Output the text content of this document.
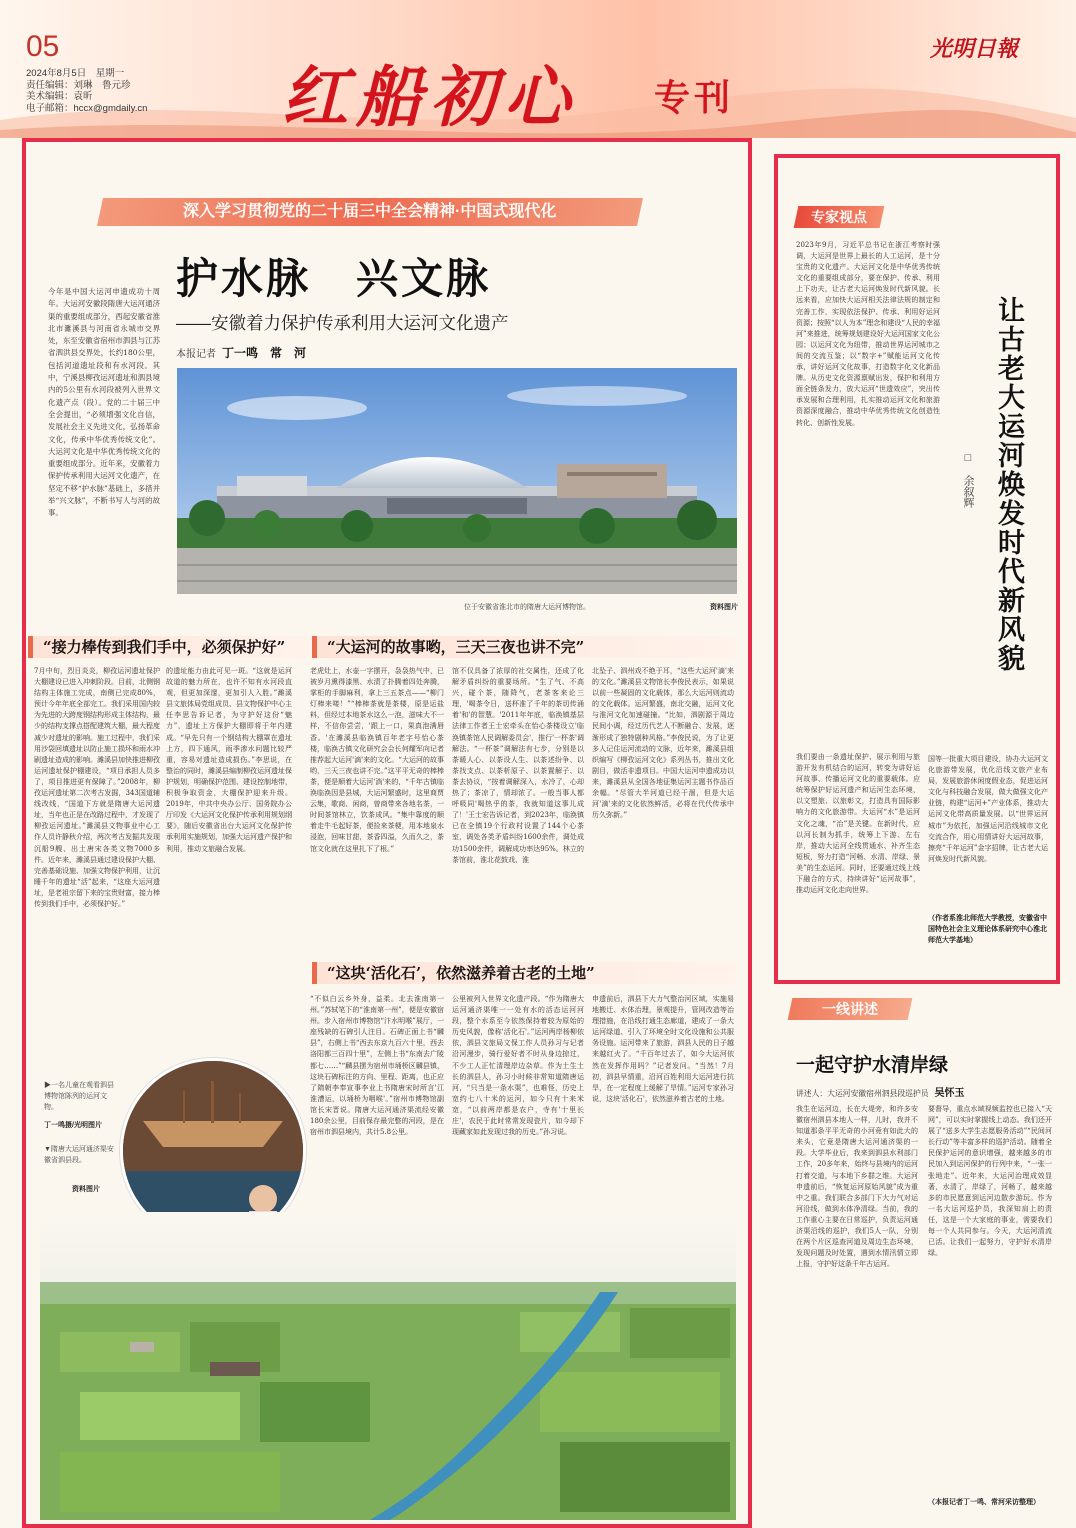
05
2024年8月5日　星期一
责任编辑：刘琳　鲁元珍
美术编辑：袁昕
电子邮箱：hccx@gmdaily.cn 红船初心 专刊
光明日報
深入学习贯彻党的二十届三中全会精神·中国式现代化
今年是中国大运河申遗成功十周年。大运河安徽段隋唐大运河通济渠的重要组成部分，西起安徽省淮北市濉溪县与河南省永城市交界处，东至安徽省宿州市泗县与江苏省泗洪县交界处，长约180公里，包括河道遗址段和有水河段。其中，宁溪县柳孜运河遗址和泗县境内的5公里有水河段被列入世界文化遗产点（段）。党的二十届三中全会提出，“必须增强文化自信，发展社会主义先进文化，弘扬革命文化，传承中华优秀传统文化”。大运河文化是中华优秀传统文化的重要组成部分。近年来，安徽着力保护传承利用大运河文化遗产，在坚定不移“护水脉”基础上，多措并举“兴文脉”，不断书写人与河的故事。
护水脉　兴文脉
——安徽着力保护传承利用大运河文化遗产
本报记者 丁一鸣　常　河
位于安徽省淮北市的隋唐大运河博物馆。	资料图片
“接力棒传到我们手中，必须保护好”
7月中旬，烈日炎炎，柳孜运河遗址保护大棚建设已进入冲刺阶段。目前，北侧钢结构主体施工完成，南侧已完成80%，预计今年年底全部完工。我们采用国内较为先进的大跨度钢结构形成主体结构，最少的结构支撑点搭配建筑大棚，最大程度减少对遗址的影响。施工过程中，我们采用沙袋回填遗址以防止施工损坏和雨水冲刷遗址造成的影响。濉溪县加快推进柳孜运河遗址保护棚建设，“项目承担人员多了，项目推进更有保障了。”2008年，柳孜运河遗址第二次考古发掘，343国道辅线改线，“国道下方就是隋唐大运河遗址，当年也正是在改路过程中，才发现了柳孜运河遗址。”濉溪县文物事业中心工作人员许静秋介绍，两次考古发掘共发现沉船9艘、出土唐宋各类文物7000多件。近年来，濉溪县通过建设保护大棚、完善基础设施、加强文物保护利用，让沉睡千年的遗址“活”起来，“这座大运河遗址，是老祖宗留下来的宝贵财富，接力棒传到我们手中，必须保护好。”
的遗址能力由此可见一斑。“这就是运河故道的魅力所在，也许不知有水河段直观，但更加深邃，更加引人入胜。”濉溪县文旅体局党组成员、县文物保护中心主任李思告诉记者，为守护好这份“魅力”，遗址上方保护大棚即将于年内建成。“早先只有一个钢结构大棚罩在遗址上方，四下通风，雨季渗水问题比较严重，容易对遗址造成损伤。”李思说，在整治的同时，濉溪县编制柳孜运河遗址保护规划，明确保护范围、建设控制地带，积极争取资金，大棚保护迎来升级。2019年，中共中央办公厅、国务院办公厅印发《大运河文化保护传承利用规划纲要》，随后安徽省出台大运河文化保护传承利用实施规划，加强大运河遗产保护和利用，推动文旅融合发展。
“大运河的故事哟，三天三夜也讲不完”
老虎灶上，水壶一字摆开，袅袅热气中，已被岁月熏得漆黑、水渍了扑腾着四处奔腾，掌柜的手脚麻利，拿上三五茶点——“柳门灯棒来喽！”“棒棒茶就是茶楼，原是运盐料，但经过本地茶水这么一泡，滋味大不一样，不信你尝尝，'跟上一口，果真泡满唇香。'在濉溪县临涣镇百年老字号怡心茶楼，临涣古镇文化研究会会长何耀军向记者推荐起大运河'滴'来的文化。“大运河的故事哟，三天三夜也讲不完。”这平平无奇的棒棒茶，便是顺着大运河'淌'来的，“千年古镇临涣临涣因是县城，大运河繁盛时，这里商贾云集，歌商、闲商，曾商带来各地名茶，一时间茶馆林立，饮茶成风。“集中靠度的顺着走牛毛起好茶，便捡来茶梗，用本地泉水浸泡，回味甘甜，茶香四溢，久而久之，茶馆文化就在这里扎下了根。”
馆不仅具备了浓厚的社交属性，还成了化解矛盾纠纷的重要场所。“生了气、不高兴，碰个茶，随降气，老茶客来论三理，'喝茶令日，送杯准了千年的茶切传涌着'和'的智慧。'2011年年底，临涣镇基层法律工作者王士宏牵头在怡心茶楼设立'临涣镇茶馆人民调解委员会'，推行'一杯茶'调解法。“一杯茶”调解法有七步，分别是以茶暖人心、以茶设人生、以茶述纷争、以茶找支点、以茶析原子、以茶置解子、以茶去协议，“按着调解深入，水冷了，心却热了；茶凉了，情却浓了。一般当事人都呼吸同'喝热乎的茶，我就知道这事儿成了！'王士宏告诉记者，到2023年，临涣镇已在全镇19个行政村设置了144个心茶室，调处各类矛盾纠纷1600余件，调处成功1500余件，调解成功率达95%。林立的茶馆前，淮北花鼓戏、淮
北坠子、泗州戏不绝于耳，“这些大运河'滴'来的文化。”濉溪县文物馆长李俊民表示，如果说以前一些凝固的文化载体，那么大运河则流动的文化载体。运河繁盛，南北交融，运河文化与淮河文化加速碰撞。“比如，泗剧源于周边民间小调，经过历代艺人不断融合、发展，逐渐形成了独特剧种风格。”李俊民说，为了让更多人记住运河流动的文脉，近年来，濉溪县组织编写《柳孜运河文化》系列丛书，推出文化剧目，做活非遗项目。中国大运河申遗成功以来，濉溪县从全国各地征集运河主题书作品百余幅。“尽管大半河道已经干涸，但是大运河'滴'来的文化依然鲜活，必将在代代传承中历久弥新。”
“这块‘活化石’，依然滋养着古老的土地”
“不似白云乡外身，益柔。北去淮南第一州。”苏轼笔下的“淮南第一州”，便是安徽宿州。步入宿州市博物馆“汴水明喉”展厅，一座残缺的石碑引人注目。石碑正面上书“麟县”，右侧上书“西去东京九百六十里，西去洛阳都三百四十里”，左侧上书“东南去广陵都七……”“麟县摆为宿州市埇桥区麟县镇，这块石碑标注的方向、里程、距离，也正应了隋朝李奉宣事李业上书隋唐宋时所言'江淮漕运，以埇桥为咽喉'。”宿州市博物馆副馆长宋晋说。隋唐大运河通济渠流经安徽180余公里，目前保存最完整的河段，是在宿州市泗县境内，共计5.8公里。
公里被列入世界文化遗产段。“作为隋唐大运河通济渠唯一一处有水的活态运河河段，整个水系至今依然保持着较为原始的历史风貌，像称'活化石'。”运河两岸杨柳依依，泗县文旅局文保工作人员孙习与记者沿河漫步，骑行爱好者不时从身边掠过，不少工人正忙清理岸边杂草。作为土生土长的泗县人，孙习小时候非常知道隋唐运河，“只当是一条水渠”，也难怪，历史上宽约七八十米的运河，如今只有十来米宽，“以前两岸都是农户，寺有'十里长庄'，农民于此时常常发现瓷片，如今却下现藏家如此发现过我的历史。”孙习说。
申遗前后，泗县下大力气整治河区域，实施易地搬迁、水体治理，景观提升，管网改造等治理措施，在沿线打通生态廊道，建成了一条大运河绿道、引入了环境全时文化设施和公共服务设施。运河带来了旅游，泗县人民的日子越来越红火了。“千百年过去了，如今大运河依然在发挥作用吗？”记者发问。“当然！7月初，泗县早情重，沿河百姓利用大运河进行抗旱，在一定程度上缓解了旱情。”运河专家孙习说，这块'活化石'，依然滋养着古老的土地。
▶一名儿童在观看泗县博物馆陈列的运河文物。
丁一鸣摄/光明图片
▼隋唐大运河通济渠安徽省泗县段。
资料图片
专家视点
2023年9月，习近平总书记在浙江考察时强调，大运河是世界上最长的人工运河，是十分宝贵的文化遗产。大运河文化是中华优秀传统文化的重要组成部分，要在保护、传承、利用上下功夫，让古老大运河焕发时代新风貌。长远来看，应加快大运河相关法律法规的制定和完善工作，实现依法保护、传承、利用好运河资源；按照“以人为本”理念和建设“人民的幸福河”来推进，统筹规划建设好大运河国家文化公园；以运河文化为纽带，推动世界运河城市之间的交流互鉴；以“数字+”赋能运河文化传承，讲好运河文化故事，打造数字化文化新品牌。从历史文化资源禀赋出发，保护和利用方面全链条发力，放大运河“世遗效应”，突出传承发展和合理利用，扎实推动运河文化和旅游资源深度融合，推动中华优秀传统文化创造性转化、创新性发展。	让古老大运河焕发时代新风貌
□　余叙辉
我们要由一条遗址保护、展示利用与旅游开发有机结合的运河，转变为讲好运河故事、传播运河文化的重要载体。应统筹保护好运河遗产和运河生态环境，以文塑旅、以旅彰文，打造具有国际影响力的文化旅游带。大运河“水”是运河文化之魂，“治”是关键。在新时代，应以河长制为抓手，统筹上下游、左右岸，推动大运河全线贯通水、补齐生态短板，努力打造“河畅、水清、岸绿、景美”的生态运河。同时，还要通过线上线下融合的方式，持续讲好“运河故事”，推动运河文化走向世界。
国等一批重大项目建设，协办大运河文化旅游带发展，优化沿线文旅产业布局，发展旅游休闲度假业态，促进运河文化与科技融合发展，做大做强文化产业链，构建“运河+”产业体系，推动大运河文化带高质量发展。以“世界运河城市”为依托，加强运河沿线城市文化交流合作，用心用情讲好大运河故事，擦亮“千年运河”金字招牌，让古老大运河焕发时代新风貌。
（作者系淮北师范大学教授，安徽省中国特色社会主义理论体系研究中心淮北师范大学基地）
一线讲述
一起守护水清岸绿
讲述人：大运河安徽宿州泗县段巡护员 吴怀玉
我生在运河边，长在大堤旁，和许多安徽宿州泗县本地人一样，儿时，我并不知道那条平平无奇的小河竟有如此大的来头，它竟是隋唐大运河通济渠的一段。大学毕业后，我来到泗县水利部门工作，20多年来，始终与县境内的运河打着交道，与本地下乡群之维。大运河申遗前后，“恢复运河原始风貌”成为重中之重。我们联合多部门下大力气对运河沿线，做到水体净清绿。当前，我的工作重心主要在日常巡护，负责运河通济渠沿线的巡护，我们5人一队，分别在两个片区巡查河道及周边生态环境，发现问题及时处置，遇到水情汛情立即上报，守护好这条千年古运河。
要督导，重点水域视频监控也已接入“天网”，可以实时掌握线上动态。我们还开展了“送多大学生志愿服务活动”“民间河长行动”等丰富多样的巡护活动。随着全民保护运河的意识增强，越来越多的市民加入到运河保护的行列中来，“一张一张地走”。近年来，大运河治理成效显著，水清了，岸绿了，河畅了，越来越多的市民愿意到运河边散步游玩。作为一名大运河巡护员，我深知肩上的责任，这是一个大家庭的事业，需要我们每一个人共同参与。今天，大运河清流已活。让我们一起努力，守护好水清岸绿。
（本报记者丁一鸣、常河采访整理）
